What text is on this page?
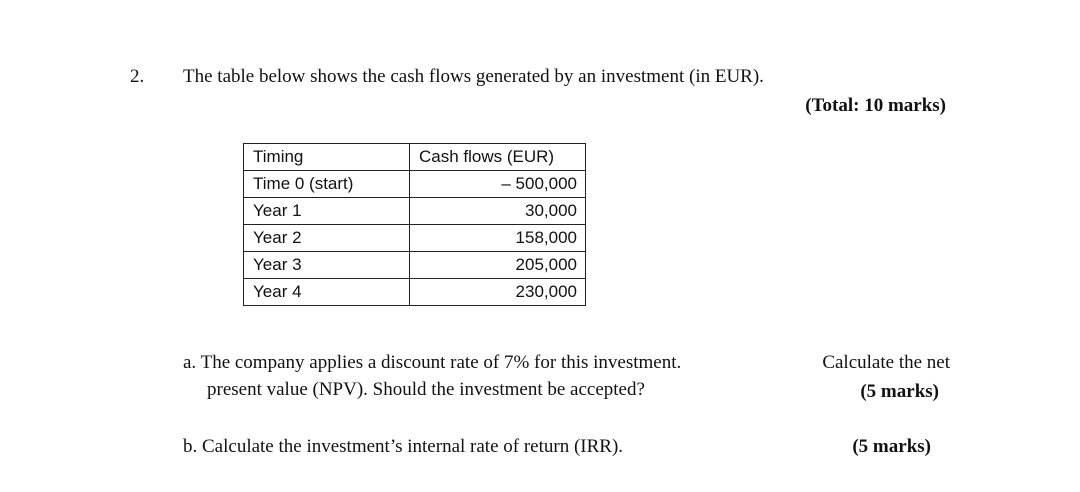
2. The table below shows the cash flows generated by an investment (in EUR).
(Total: 10 marks)
Timing	Cash flows (EUR)
Time 0 (start)	– 500,000
Year 1	30,000
Year 2	158,000
Year 3	205,000
Year 4	230,000
a. The company applies a discount rate of 7% for this investment.	Calculate the net
present value (NPV). Should the investment be accepted?	(5 marks)
b. Calculate the investment’s internal rate of return (IRR).	(5 marks)
